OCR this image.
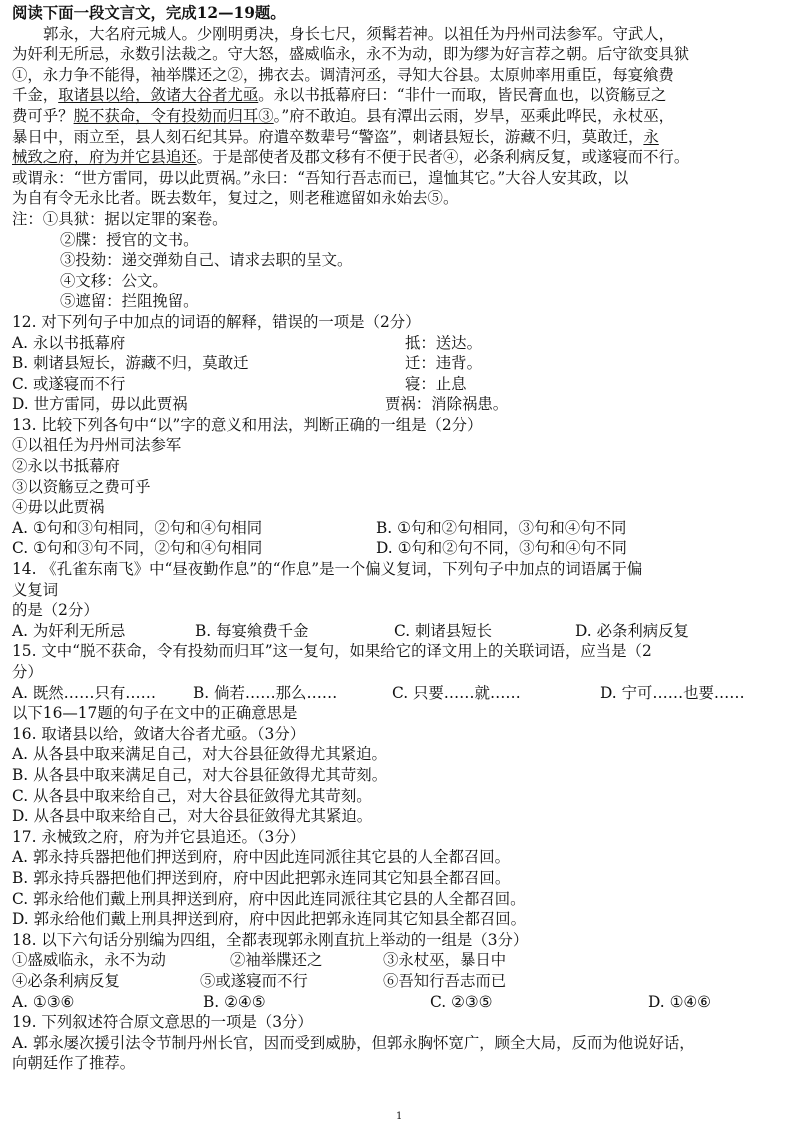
阅读下面一段文言文，完成12—19题。
郭永，大名府元城人。少刚明勇决，身长七尺，须髯若神。以祖任为丹州司法参军。守武人，
为奸利无所忌，永数引法裁之。守大怒，盛威临永，永不为动，即为缪为好言荐之朝。后守欲变具狱
①，永力争不能得，袖举牒还之②，拂衣去。调清河丞，寻知大谷县。太原帅率用重臣，每宴飨费
千金，取诸县以给，敛诸大谷者尤亟。永以书抵幕府曰：“非什一而取，皆民膏血也，以资觞豆之
费可乎？脱不获命，令有投劾而归耳③。”府不敢迫。县有潭出云雨，岁旱，巫乘此哗民，永杖巫，
暴日中，雨立至，县人刻石纪其异。府遣卒数辈号“警盗”，刺诸县短长，游藏不归，莫敢迁，永
械致之府，府为并它县追还。于是部使者及郡文移有不便于民者④，必条利病反复，或遂寝而不行。
或谓永：“世方雷同，毋以此贾祸。”永曰：“吾知行吾志而已，遑恤其它。”大谷人安其政，以
为自有令无永比者。既去数年，复过之，则老稚遮留如永始去⑤。
注： ①具狱：据以定罪的案卷。
②牒：授官的文书。
③投劾：递交弹劾自己、请求去职的呈文。
④文移：公文。
⑤遮留：拦阻挽留。
12. 对下列句子中加点的词语的解释，错误的一项是（2分）
A. 永以书抵幕府	抵：送达。
B. 刺诸县短长，游藏不归，莫敢迁	迁：违背。
C. 或遂寝而不行	寝：止息
D. 世方雷同，毋以此贾祸	贾祸：消除祸患。
13. 比较下列各句中“以”字的意义和用法，判断正确的一组是（2分）
①以祖任为丹州司法参军
②永以书抵幕府
③以资觞豆之费可乎
④毋以此贾祸
A. ①句和③句相同，②句和④句相同	B. ①句和②句相同，③句和④句不同
C. ①句和③句不同，②句和④句相同	D. ①句和②句不同，③句和④句不同
14. 《孔雀东南飞》中“昼夜勤作息”的“作息”是一个偏义复词，下列句子中加点的词语属于偏
义复词
的是（2分）
A. 为奸利无所忌	B. 每宴飨费千金	C. 刺诸县短长	D. 必条利病反复
15. 文中“脱不获命，令有投劾而归耳”这一复句，如果给它的译文用上的关联词语，应当是（2
分）
A. 既然……只有……	B. 倘若……那么……	C. 只要……就……	D. 宁可……也要……
以下16—17题的句子在文中的正确意思是
16. 取诸县以给，敛诸大谷者尤亟。（3分）
A. 从各县中取来满足自己，对大谷县征敛得尤其紧迫。
B. 从各县中取来满足自己，对大谷县征敛得尤其苛刻。
C. 从各县中取来给自己，对大谷县征敛得尤其苛刻。
D. 从各县中取来给自己，对大谷县征敛得尤其紧迫。
17. 永械致之府，府为并它县追还。（3分）
A. 郭永持兵器把他们押送到府，府中因此连同派往其它县的人全都召回。
B. 郭永持兵器把他们押送到府，府中因此把郭永连同其它知县全都召回。
C. 郭永给他们戴上刑具押送到府，府中因此连同派往其它县的人全都召回。
D. 郭永给他们戴上刑具押送到府，府中因此把郭永连同其它知县全都召回。
18. 以下六句话分别编为四组，全都表现郭永刚直抗上举动的一组是（3分）
①盛威临永，永不为动	②袖举牒还之	③永杖巫，暴日中
④必条利病反复	⑤或遂寝而不行	⑥吾知行吾志而已
A. ①③⑥	B. ②④⑤	C. ②③⑤	D. ①④⑥
19. 下列叙述符合原文意思的一项是（3分）
A. 郭永屡次援引法令节制丹州长官，因而受到威胁，但郭永胸怀宽广，顾全大局，反而为他说好话，
向朝廷作了推荐。
1
